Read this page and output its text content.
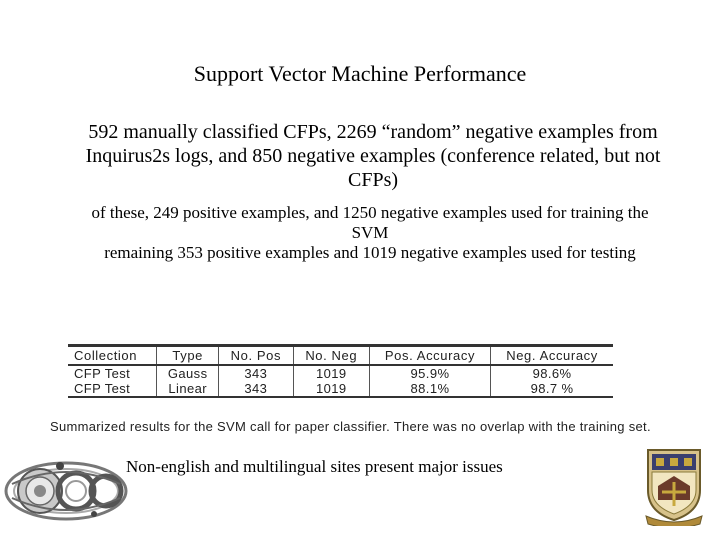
Support Vector Machine Performance
592 manually classified CFPs, 2269 “random” negative examples from Inquirus2s logs, and 850 negative examples (conference related, but not CFPs)
of these, 249 positive examples, and 1250 negative examples used for training the SVM
remaining 353 positive examples and 1019 negative examples used for testing
Collection	Type	No. Pos	No. Neg	Pos. Accuracy	Neg. Accuracy
CFP Test	Gauss	343	1019	95.9%	98.6%
CFP Test	Linear	343	1019	88.1%	98.7 %
Summarized results for the SVM call for paper classifier. There was no overlap with the training set.
Non-english and multilingual sites present major issues
